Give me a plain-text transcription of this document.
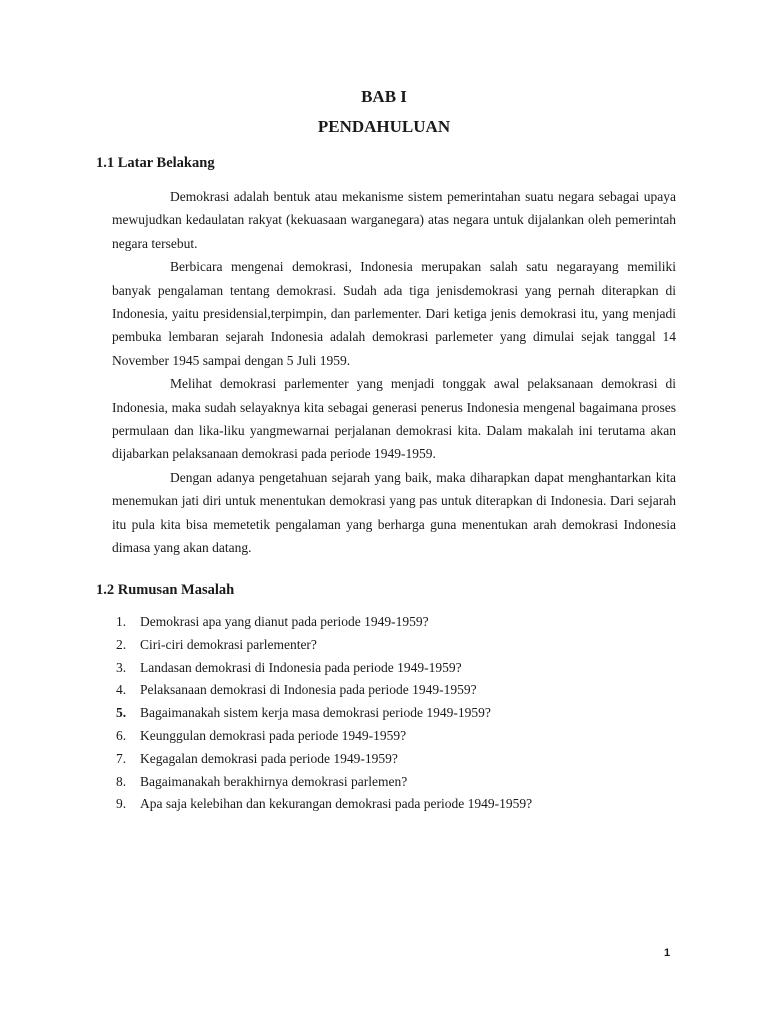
BAB I
PENDAHULUAN
1.1 Latar Belakang

Demokrasi adalah bentuk atau mekanisme sistem pemerintahan suatu negara sebagai upaya mewujudkan kedaulatan rakyat (kekuasaan warganegara) atas negara untuk dijalankan oleh pemerintah negara tersebut.

Berbicara mengenai demokrasi, Indonesia merupakan salah satu negarayang memiliki banyak pengalaman tentang demokrasi. Sudah ada tiga jenisdemokrasi yang pernah diterapkan di Indonesia, yaitu presidensial,terpimpin, dan parlementer. Dari ketiga jenis demokrasi itu, yang menjadi pembuka lembaran sejarah Indonesia adalah demokrasi parlemeter yang dimulai sejak tanggal 14 November 1945 sampai dengan 5 Juli 1959.

Melihat demokrasi parlementer yang menjadi tonggak awal pelaksanaan demokrasi di Indonesia, maka sudah selayaknya kita sebagai generasi penerus Indonesia mengenal bagaimana proses permulaan dan lika-liku yangmewarnai perjalanan demokrasi kita. Dalam makalah ini terutama akan dijabarkan pelaksanaan demokrasi pada periode 1949-1959.

Dengan adanya pengetahuan sejarah yang baik, maka diharapkan dapat menghantarkan kita menemukan jati diri untuk menentukan demokrasi yang pas untuk diterapkan di Indonesia. Dari sejarah itu pula kita bisa memetetik pengalaman yang berharga guna menentukan arah demokrasi Indonesia dimasa yang akan datang.

1.2 Rumusan Masalah
1. Demokrasi apa yang dianut pada periode 1949-1959?
2. Ciri-ciri demokrasi parlementer?
3. Landasan demokrasi di Indonesia pada periode 1949-1959?
4. Pelaksanaan demokrasi di Indonesia pada periode 1949-1959?
5. Bagaimanakah sistem kerja masa demokrasi periode 1949-1959?
6. Keunggulan demokrasi pada periode 1949-1959?
7. Kegagalan demokrasi pada periode 1949-1959?
8. Bagaimanakah berakhirnya demokrasi parlemen?
9. Apa saja kelebihan dan kekurangan demokrasi pada periode 1949-1959?
1
